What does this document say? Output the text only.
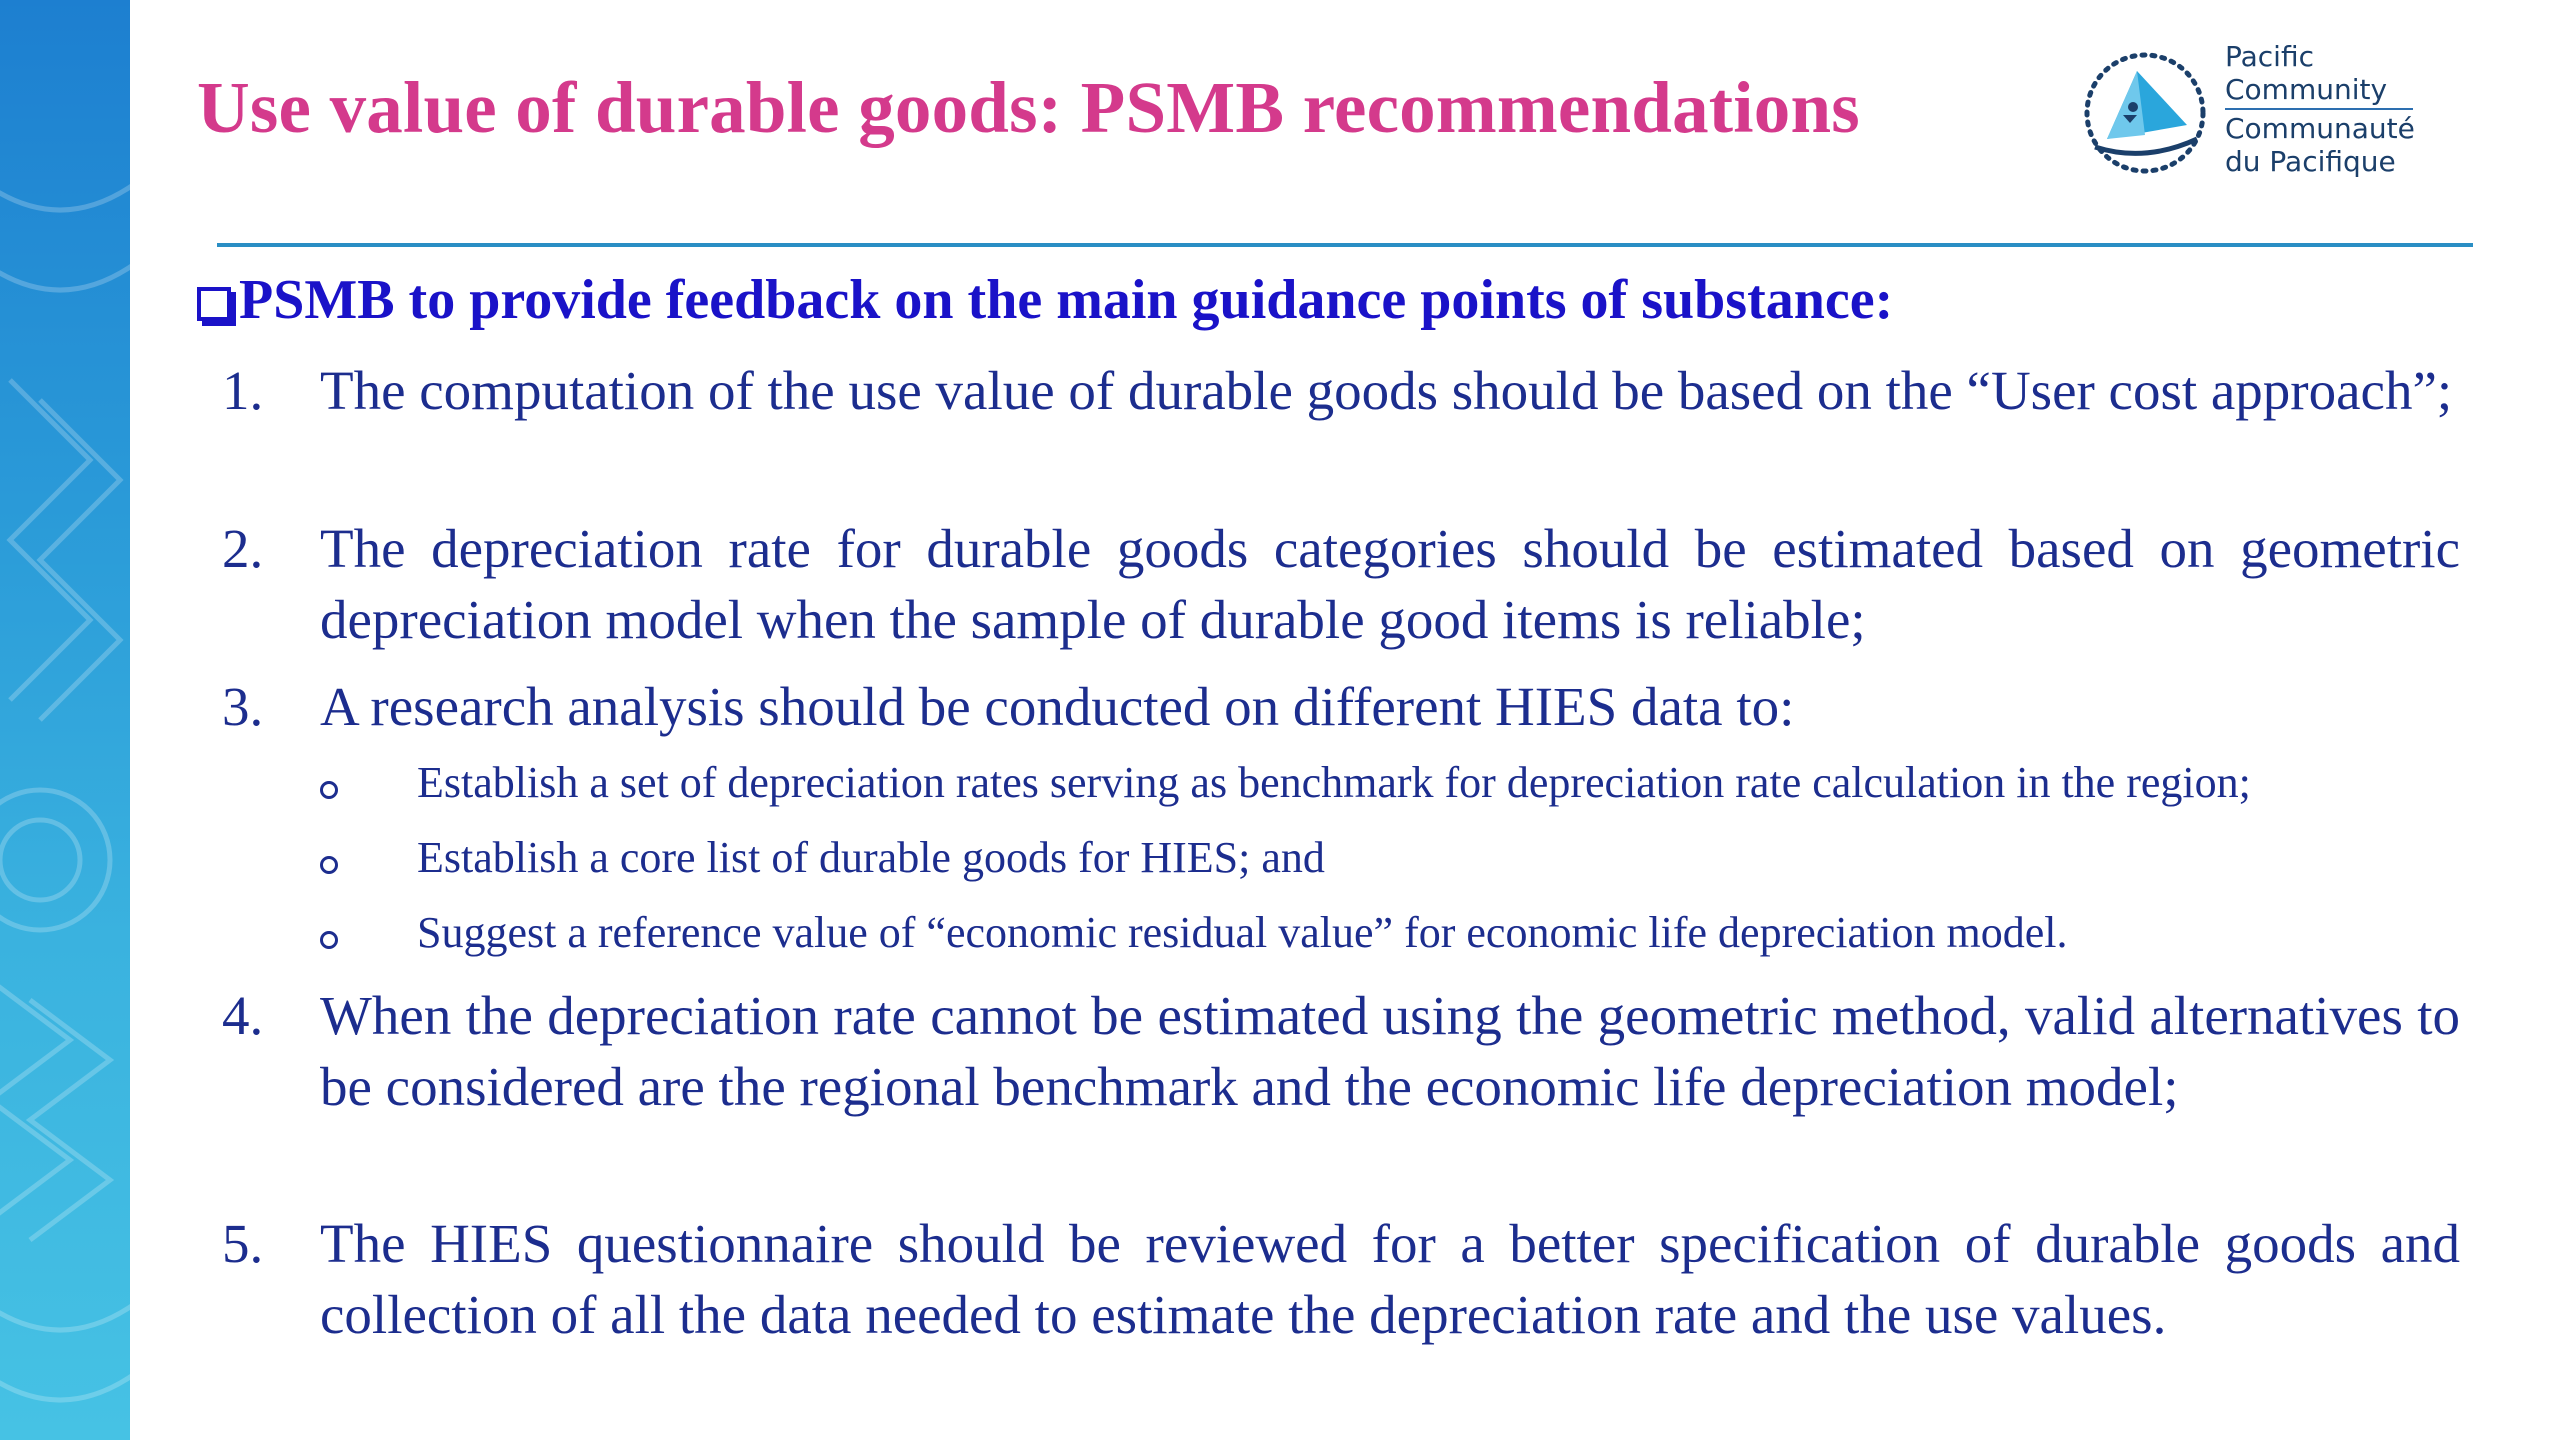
Use value of durable goods: PSMB recommendations
Pacific
Community
Communauté
du Pacifique

PSMB to provide feedback on the main guidance points of substance:

1. The computation of the use value of durable goods should be based on the “User cost approach”;
2. The depreciation rate for durable goods categories should be estimated based on geometric depreciation model when the sample of durable good items is reliable;
3. A research analysis should be conducted on different HIES data to:
Establish a set of depreciation rates serving as benchmark for depreciation rate calculation in the region;
Establish a core list of durable goods for HIES; and
Suggest a reference value of “economic residual value” for economic life depreciation model.
4. When the depreciation rate cannot be estimated using the geometric method, valid alternatives to be considered are the regional benchmark and the economic life depreciation model;
5. The HIES questionnaire should be reviewed for a better specification of durable goods and collection of all the data needed to estimate the depreciation rate and the use values.
